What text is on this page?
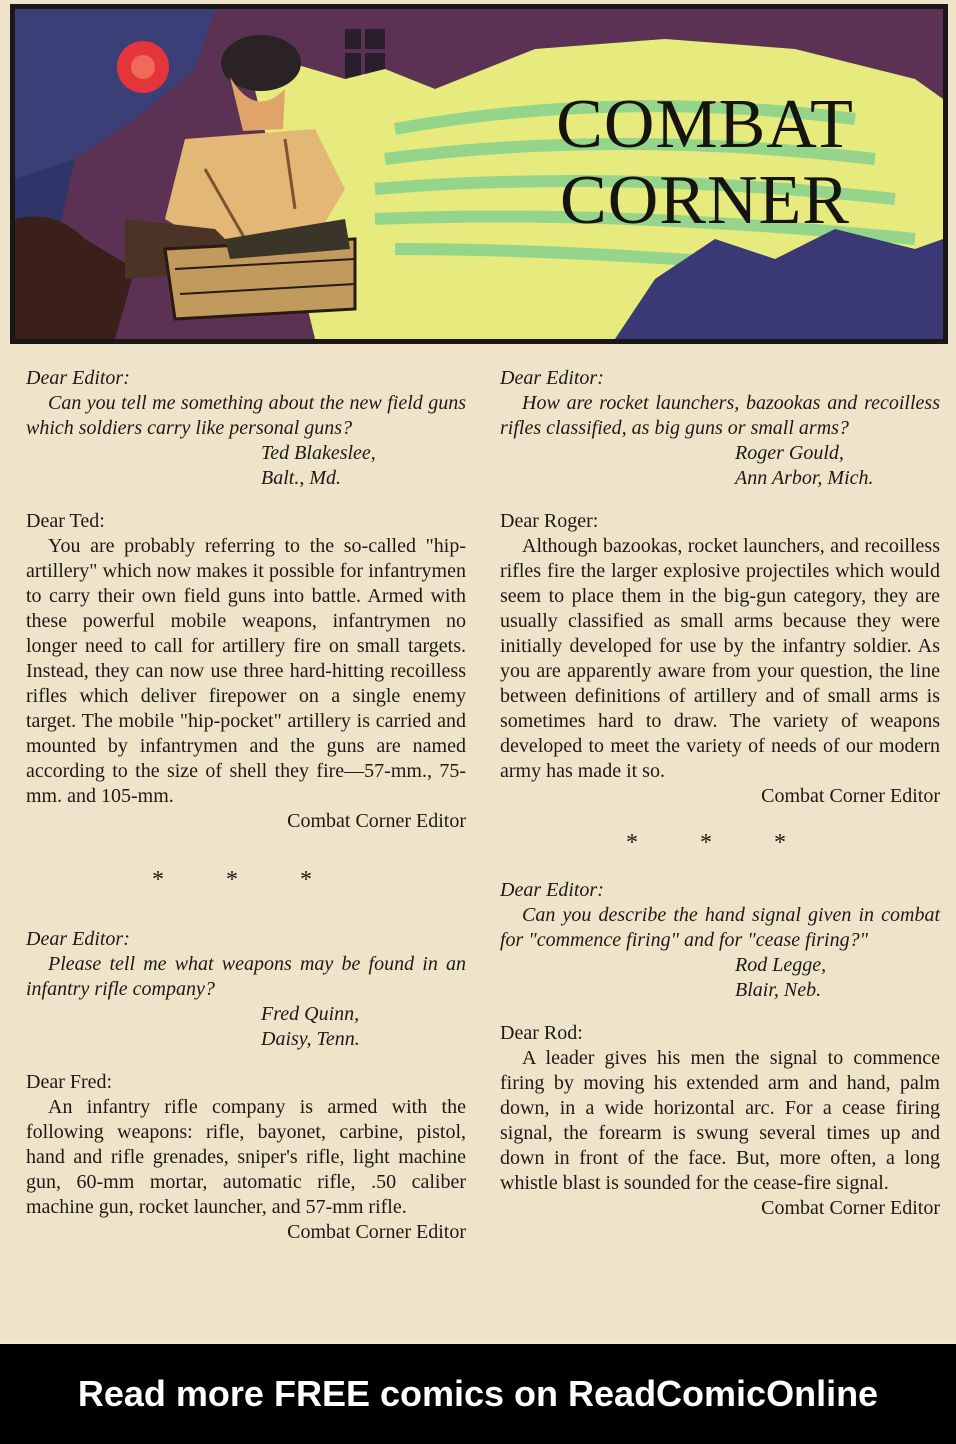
COMBAT
CORNER

Dear Editor:

Can you tell me something about the new field guns which soldiers carry like personal guns?

Ted Blakeslee,

Balt., Md.

Dear Ted:

You are probably referring to the so-called "hip-artillery" which now makes it possible for infantrymen to carry their own field guns into battle. Armed with these powerful mobile weapons, infantrymen no longer need to call for artillery fire on small targets. Instead, they can now use three hard-hitting recoilless rifles which deliver firepower on a single enemy target. The mobile "hip-pocket" artillery is carried and mounted by infantrymen and the guns are named according to the size of shell they fire—57-mm., 75-mm. and 105-mm.

Combat Corner Editor

* * *

Dear Editor:

Please tell me what weapons may be found in an infantry rifle company?

Fred Quinn,

Daisy, Tenn.

Dear Fred:

An infantry rifle company is armed with the following weapons: rifle, bayonet, carbine, pistol, hand and rifle grenades, sniper's rifle, light machine gun, 60-mm mortar, automatic rifle, .50 caliber machine gun, rocket launcher, and 57-mm rifle.

Combat Corner Editor

Dear Editor:

How are rocket launchers, bazookas and recoilless rifles classified, as big guns or small arms?

Roger Gould,

Ann Arbor, Mich.

Dear Roger:

Although bazookas, rocket launchers, and recoilless rifles fire the larger explosive projectiles which would seem to place them in the big-gun category, they are usually classified as small arms because they were initially developed for use by the infantry soldier. As you are apparently aware from your question, the line between definitions of artillery and of small arms is sometimes hard to draw. The variety of weapons developed to meet the variety of needs of our modern army has made it so.

Combat Corner Editor

* * *

Dear Editor:

Can you describe the hand signal given in combat for "commence firing" and for "cease firing?"

Rod Legge,

Blair, Neb.

Dear Rod:

A leader gives his men the signal to commence firing by moving his extended arm and hand, palm down, in a wide horizontal arc. For a cease firing signal, the forearm is swung several times up and down in front of the face. But, more often, a long whistle blast is sounded for the cease-fire signal.

Combat Corner Editor

Read more FREE comics on ReadComicOnline
